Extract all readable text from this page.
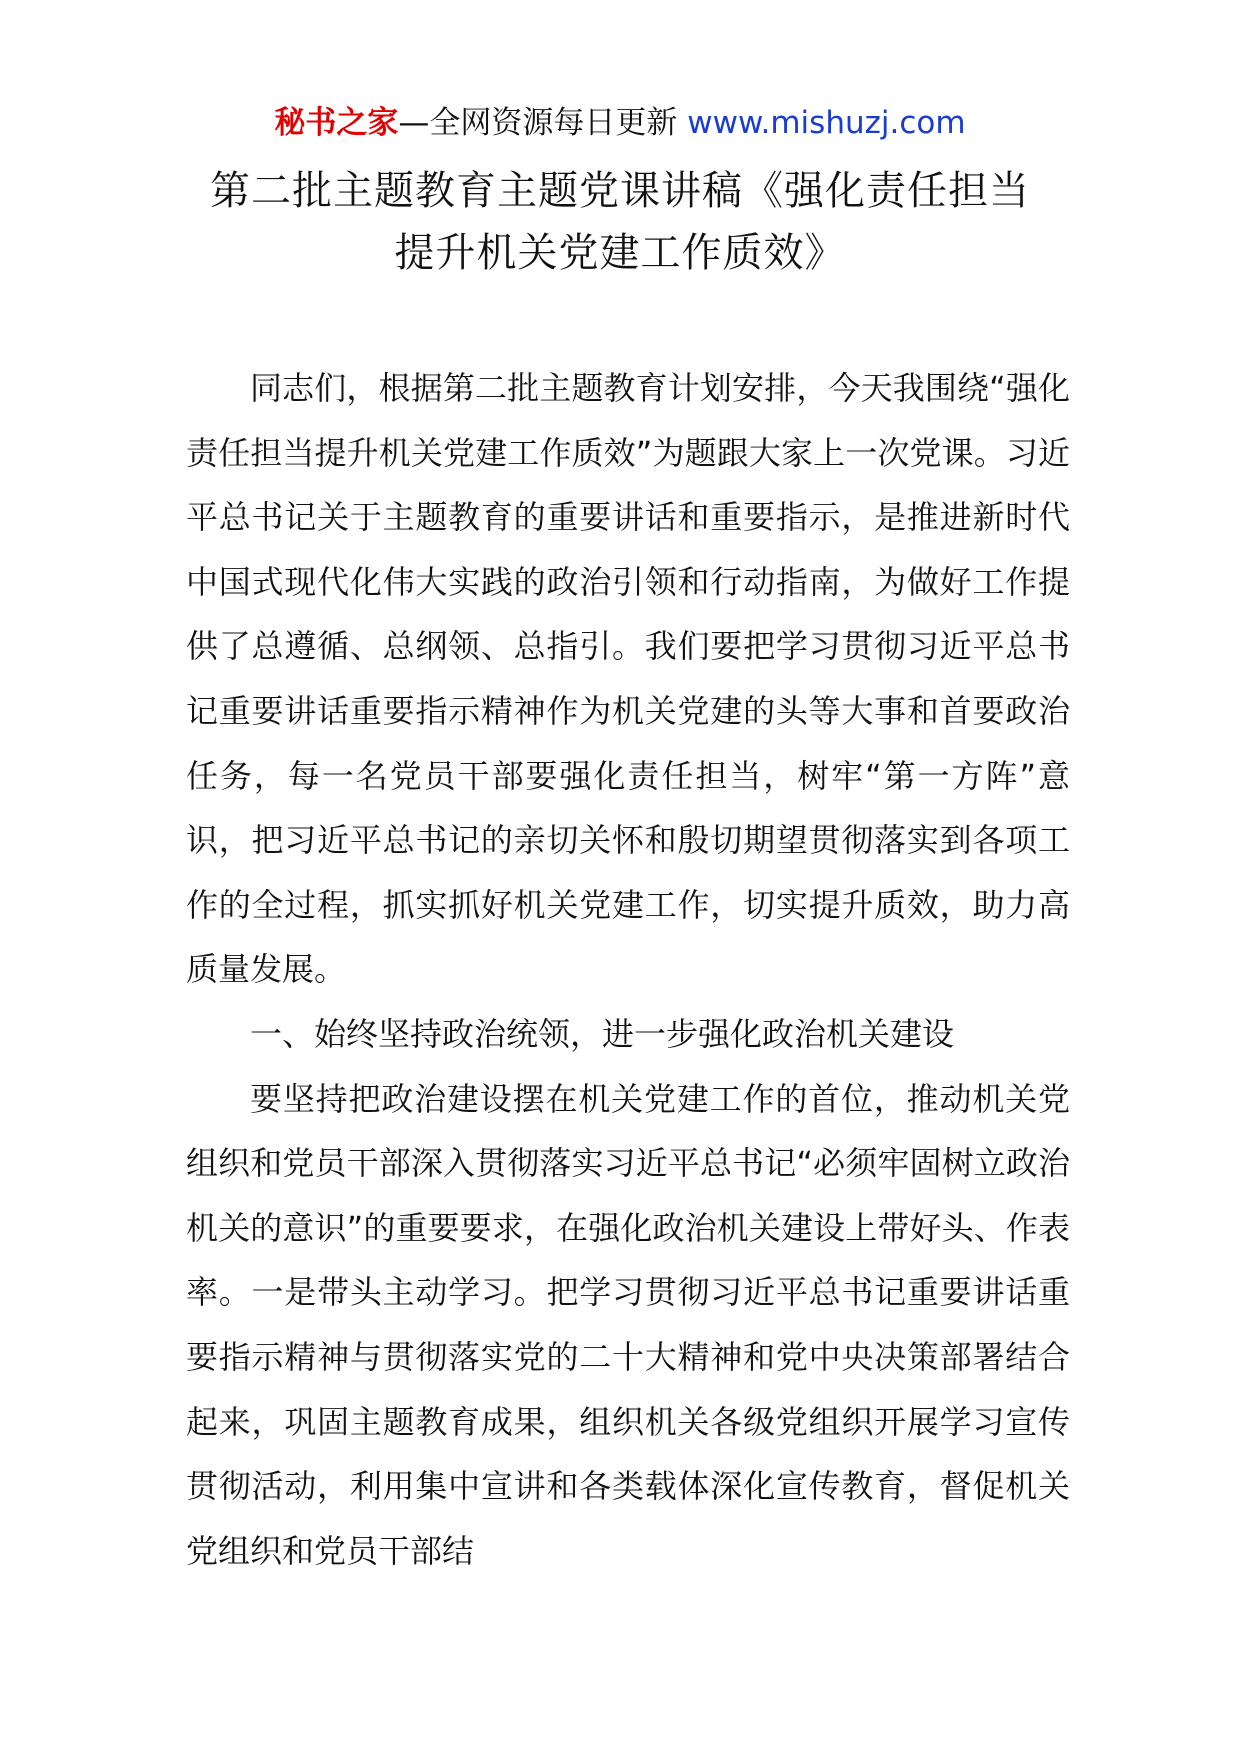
秘书之家—全网资源每日更新 www.mishuzj.com
第二批主题教育主题党课讲稿《强化责任担当
提升机关党建工作质效》

同志们，根据第二批主题教育计划安排，今天我围绕“强化责任担当提升机关党建工作质效”为题跟大家上一次党课。习近平总书记关于主题教育的重要讲话和重要指示，是推进新时代中国式现代化伟大实践的政治引领和行动指南，为做好工作提供了总遵循、总纲领、总指引。我们要把学习贯彻习近平总书记重要讲话重要指示精神作为机关党建的头等大事和首要政治任务，每一名党员干部要强化责任担当，树牢“第一方阵”意识，把习近平总书记的亲切关怀和殷切期望贯彻落实到各项工作的全过程，抓实抓好机关党建工作，切实提升质效，助力高质量发展。

一、始终坚持政治统领，进一步强化政治机关建设

要坚持把政治建设摆在机关党建工作的首位，推动机关党组织和党员干部深入贯彻落实习近平总书记“必须牢固树立政治机关的意识”的重要要求，在强化政治机关建设上带好头、作表率。一是带头主动学习。把学习贯彻习近平总书记重要讲话重要指示精神与贯彻落实党的二十大精神和党中央决策部署结合起来，巩固主题教育成果，组织机关各级党组织开展学习宣传贯彻活动，利用集中宣讲和各类载体深化宣传教育，督促机关党组织和党员干部结
